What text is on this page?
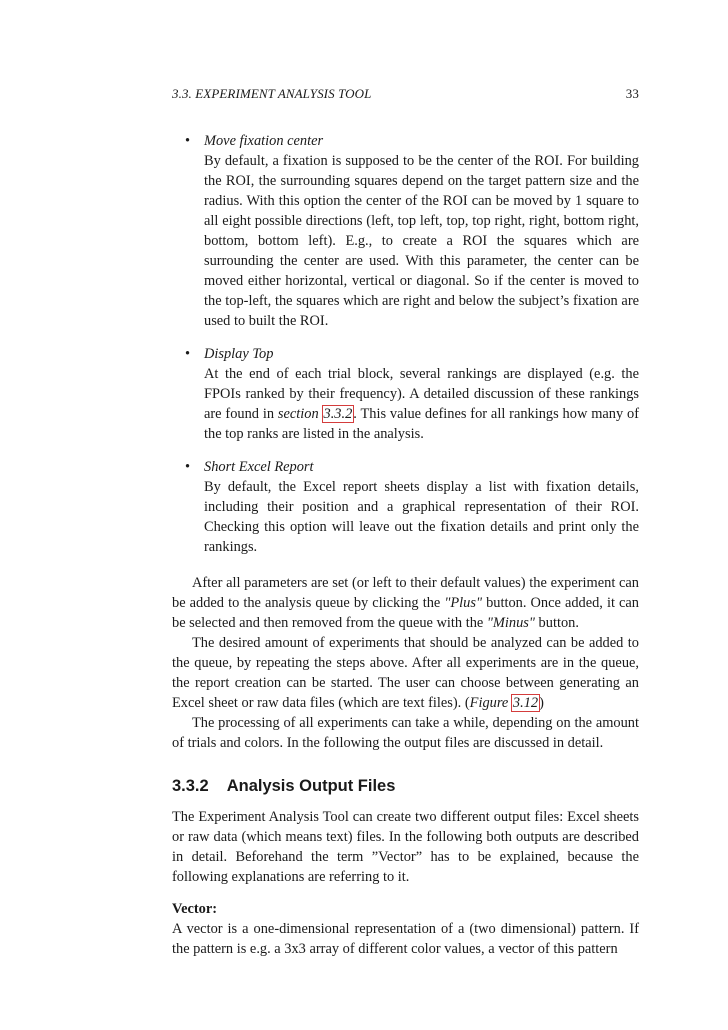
3.3. EXPERIMENT ANALYSIS TOOL	33
• Move fixation center

By default, a fixation is supposed to be the center of the ROI. For building the ROI, the surrounding squares depend on the target pattern size and the radius. With this option the center of the ROI can be moved by 1 square to all eight possible directions (left, top left, top, top right, right, bottom right, bottom, bottom left). E.g., to create a ROI the squares which are surrounding the center are used. With this parameter, the center can be moved either horizontal, vertical or diagonal. So if the center is moved to the top-left, the squares which are right and below the subject’s fixation are used to built the ROI.

• Display Top

At the end of each trial block, several rankings are displayed (e.g. the FPOIs ranked by their frequency). A detailed discussion of these rankings are found in section 3.3.2. This value defines for all rankings how many of the top ranks are listed in the analysis.

• Short Excel Report

By default, the Excel report sheets display a list with fixation details, including their position and a graphical representation of their ROI. Checking this option will leave out the fixation details and print only the rankings.

After all parameters are set (or left to their default values) the experiment can be added to the analysis queue by clicking the "Plus" button. Once added, it can be selected and then removed from the queue with the "Minus" button.

The desired amount of experiments that should be analyzed can be added to the queue, by repeating the steps above. After all experiments are in the queue, the report creation can be started. The user can choose between generating an Excel sheet or raw data files (which are text files). (Figure 3.12)

The processing of all experiments can take a while, depending on the amount of trials and colors. In the following the output files are discussed in detail.

3.3.2 Analysis Output Files

The Experiment Analysis Tool can create two different output files: Excel sheets or raw data (which means text) files. In the following both outputs are described in detail. Beforehand the term ”Vector” has to be explained, because the following explanations are referring to it.

Vector:

A vector is a one-dimensional representation of a (two dimensional) pattern. If the pattern is e.g. a 3x3 array of different color values, a vector of this pattern
